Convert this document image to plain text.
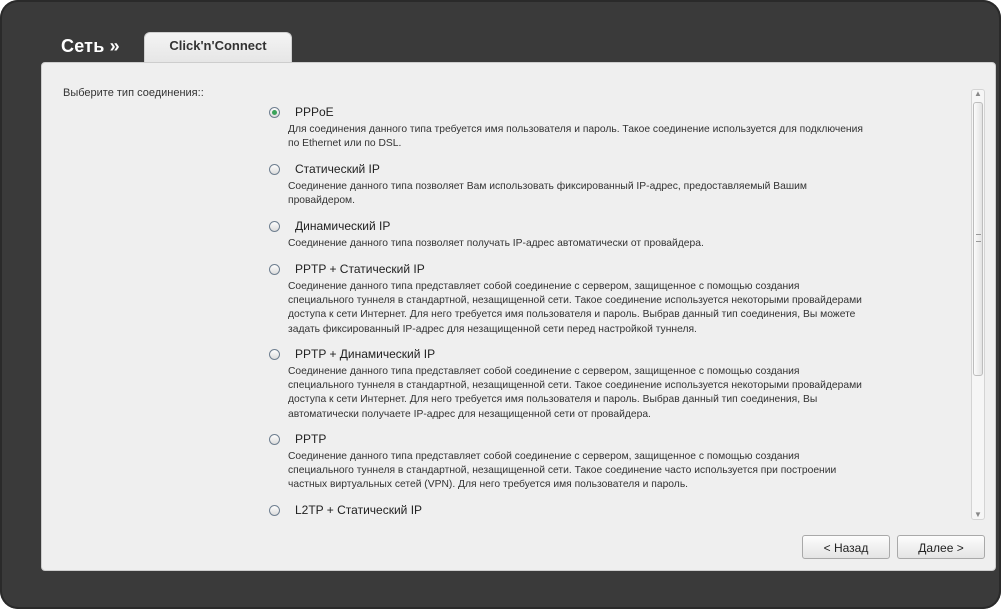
Сеть »	Click'n'Connect
Выберите тип соединения::
PPPoE
Для соединения данного типа требуется имя пользователя и пароль. Такое соединение используется для подключения по Ethernet или по DSL.
Статический IP
Соединение данного типа позволяет Вам использовать фиксированный IP-адрес, предоставляемый Вашим провайдером.
Динамический IP
Соединение данного типа позволяет получать IP-адрес автоматически от провайдера.
PPTP + Статический IP
Соединение данного типа представляет собой соединение с сервером, защищенное с помощью создания специального туннеля в стандартной, незащищенной сети. Такое соединение используется некоторыми провайдерами доступа к сети Интернет. Для него требуется имя пользователя и пароль. Выбрав данный тип соединения, Вы можете задать фиксированный IP-адрес для незащищенной сети перед настройкой туннеля.
PPTP + Динамический IP
Соединение данного типа представляет собой соединение с сервером, защищенное с помощью создания специального туннеля в стандартной, незащищенной сети. Такое соединение используется некоторыми провайдерами доступа к сети Интернет. Для него требуется имя пользователя и пароль. Выбрав данный тип соединения, Вы автоматически получаете IP-адрес для незащищенной сети от провайдера.
PPTP
Соединение данного типа представляет собой соединение с сервером, защищенное с помощью создания специального туннеля в стандартной, незащищенной сети. Такое соединение часто используется при построении частных виртуальных сетей (VPN). Для него требуется имя пользователя и пароль.
L2TP + Статический IP
▲
▼
< Назад	Далее >
